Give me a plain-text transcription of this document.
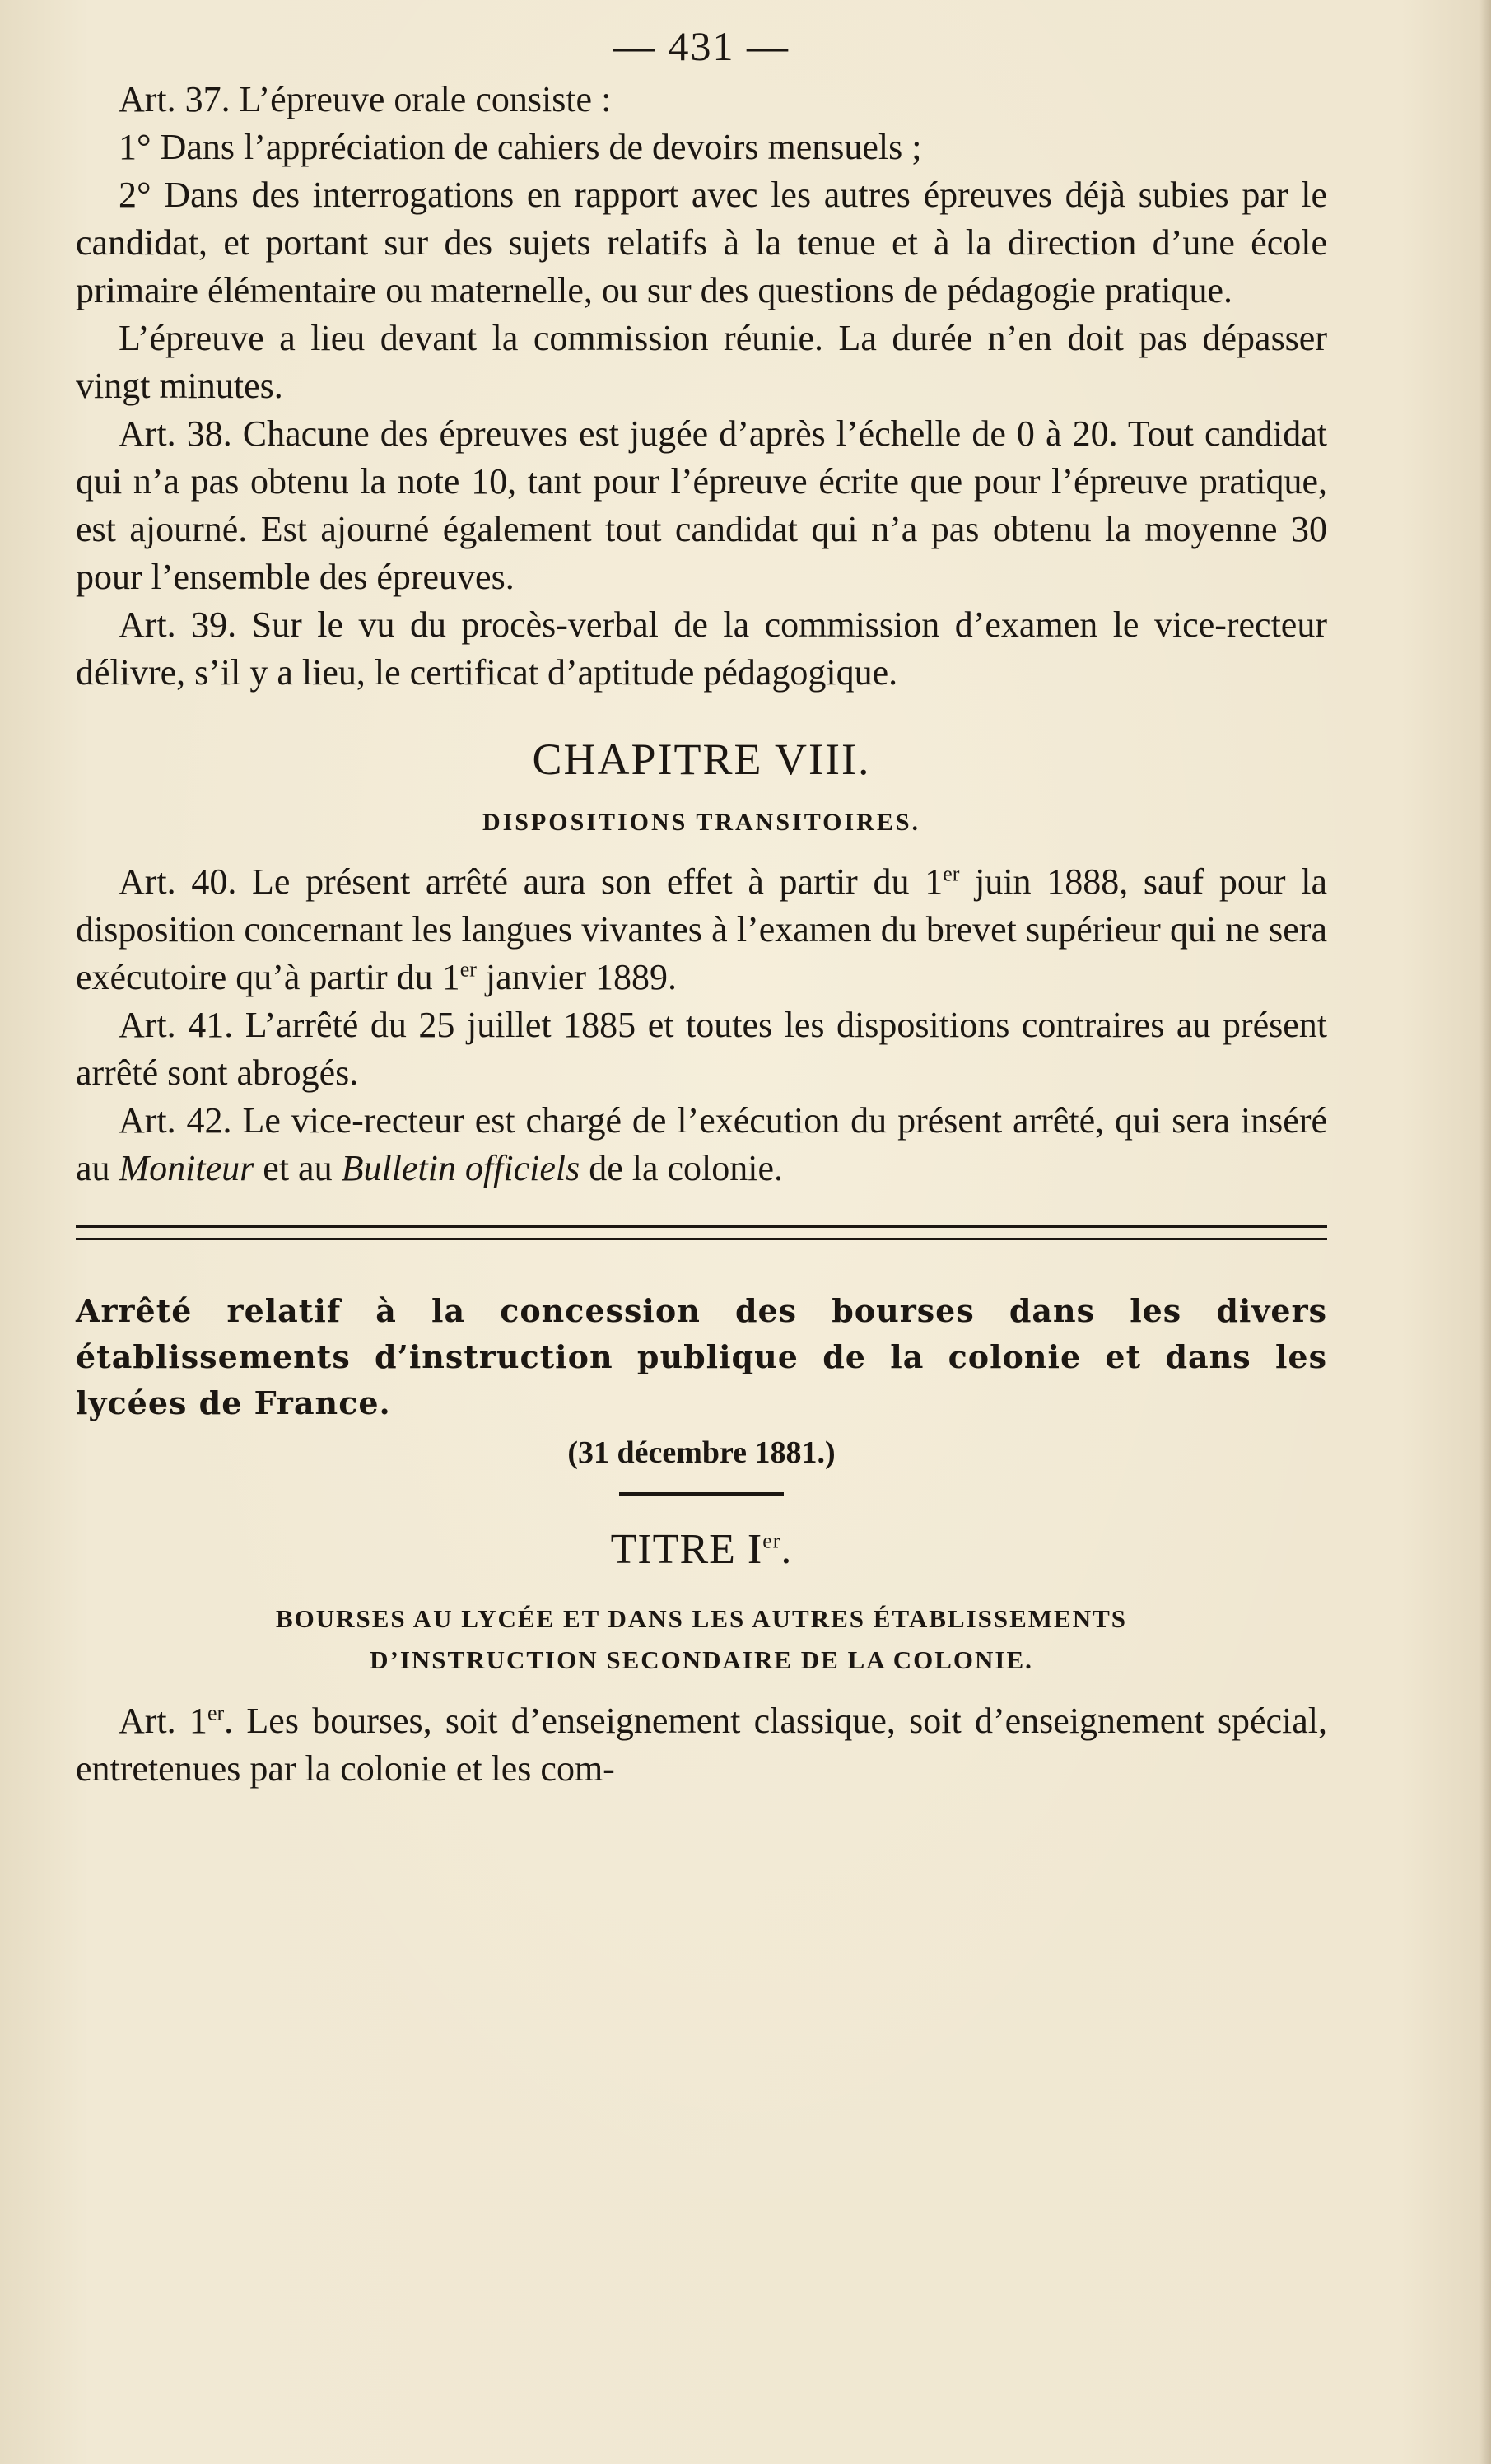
— 431 —

Art. 37. L’épreuve orale consiste :

1° Dans l’appréciation de cahiers de devoirs mensuels ;

2° Dans des interrogations en rapport avec les autres épreuves déjà subies par le candidat, et portant sur des sujets relatifs à la tenue et à la direction d’une école primaire élémentaire ou maternelle, ou sur des questions de pédagogie pratique.

L’épreuve a lieu devant la commission réunie. La durée n’en doit pas dépasser vingt minutes.

Art. 38. Chacune des épreuves est jugée d’après l’échelle de 0 à 20. Tout candidat qui n’a pas obtenu la note 10, tant pour l’épreuve écrite que pour l’épreuve pratique, est ajourné. Est ajourné également tout candidat qui n’a pas obtenu la moyenne 30 pour l’ensemble des épreuves.

Art. 39. Sur le vu du procès-verbal de la commission d’examen le vice-recteur délivre, s’il y a lieu, le certificat d’aptitude pédagogique.

CHAPITRE VIII.
DISPOSITIONS TRANSITOIRES.

Art. 40. Le présent arrêté aura son effet à partir du 1er juin 1888, sauf pour la disposition concernant les langues vivantes à l’examen du brevet supérieur qui ne sera exécutoire qu’à partir du 1er janvier 1889.

Art. 41. L’arrêté du 25 juillet 1885 et toutes les dispositions contraires au présent arrêté sont abrogés.

Art. 42. Le vice-recteur est chargé de l’exécution du présent arrêté, qui sera inséré au Moniteur et au Bulletin officiels de la colonie.

Arrêté relatif à la concession des bourses dans les divers établissements d’instruction publique de la colonie et dans les lycées de France.
(31 décembre 1881.)
TITRE Ier.
BOURSES AU LYCÉE ET DANS LES AUTRES ÉTABLISSEMENTS
D’INSTRUCTION SECONDAIRE DE LA COLONIE.

Art. 1er. Les bourses, soit d’enseignement classique, soit d’enseignement spécial, entretenues par la colonie et les com-
